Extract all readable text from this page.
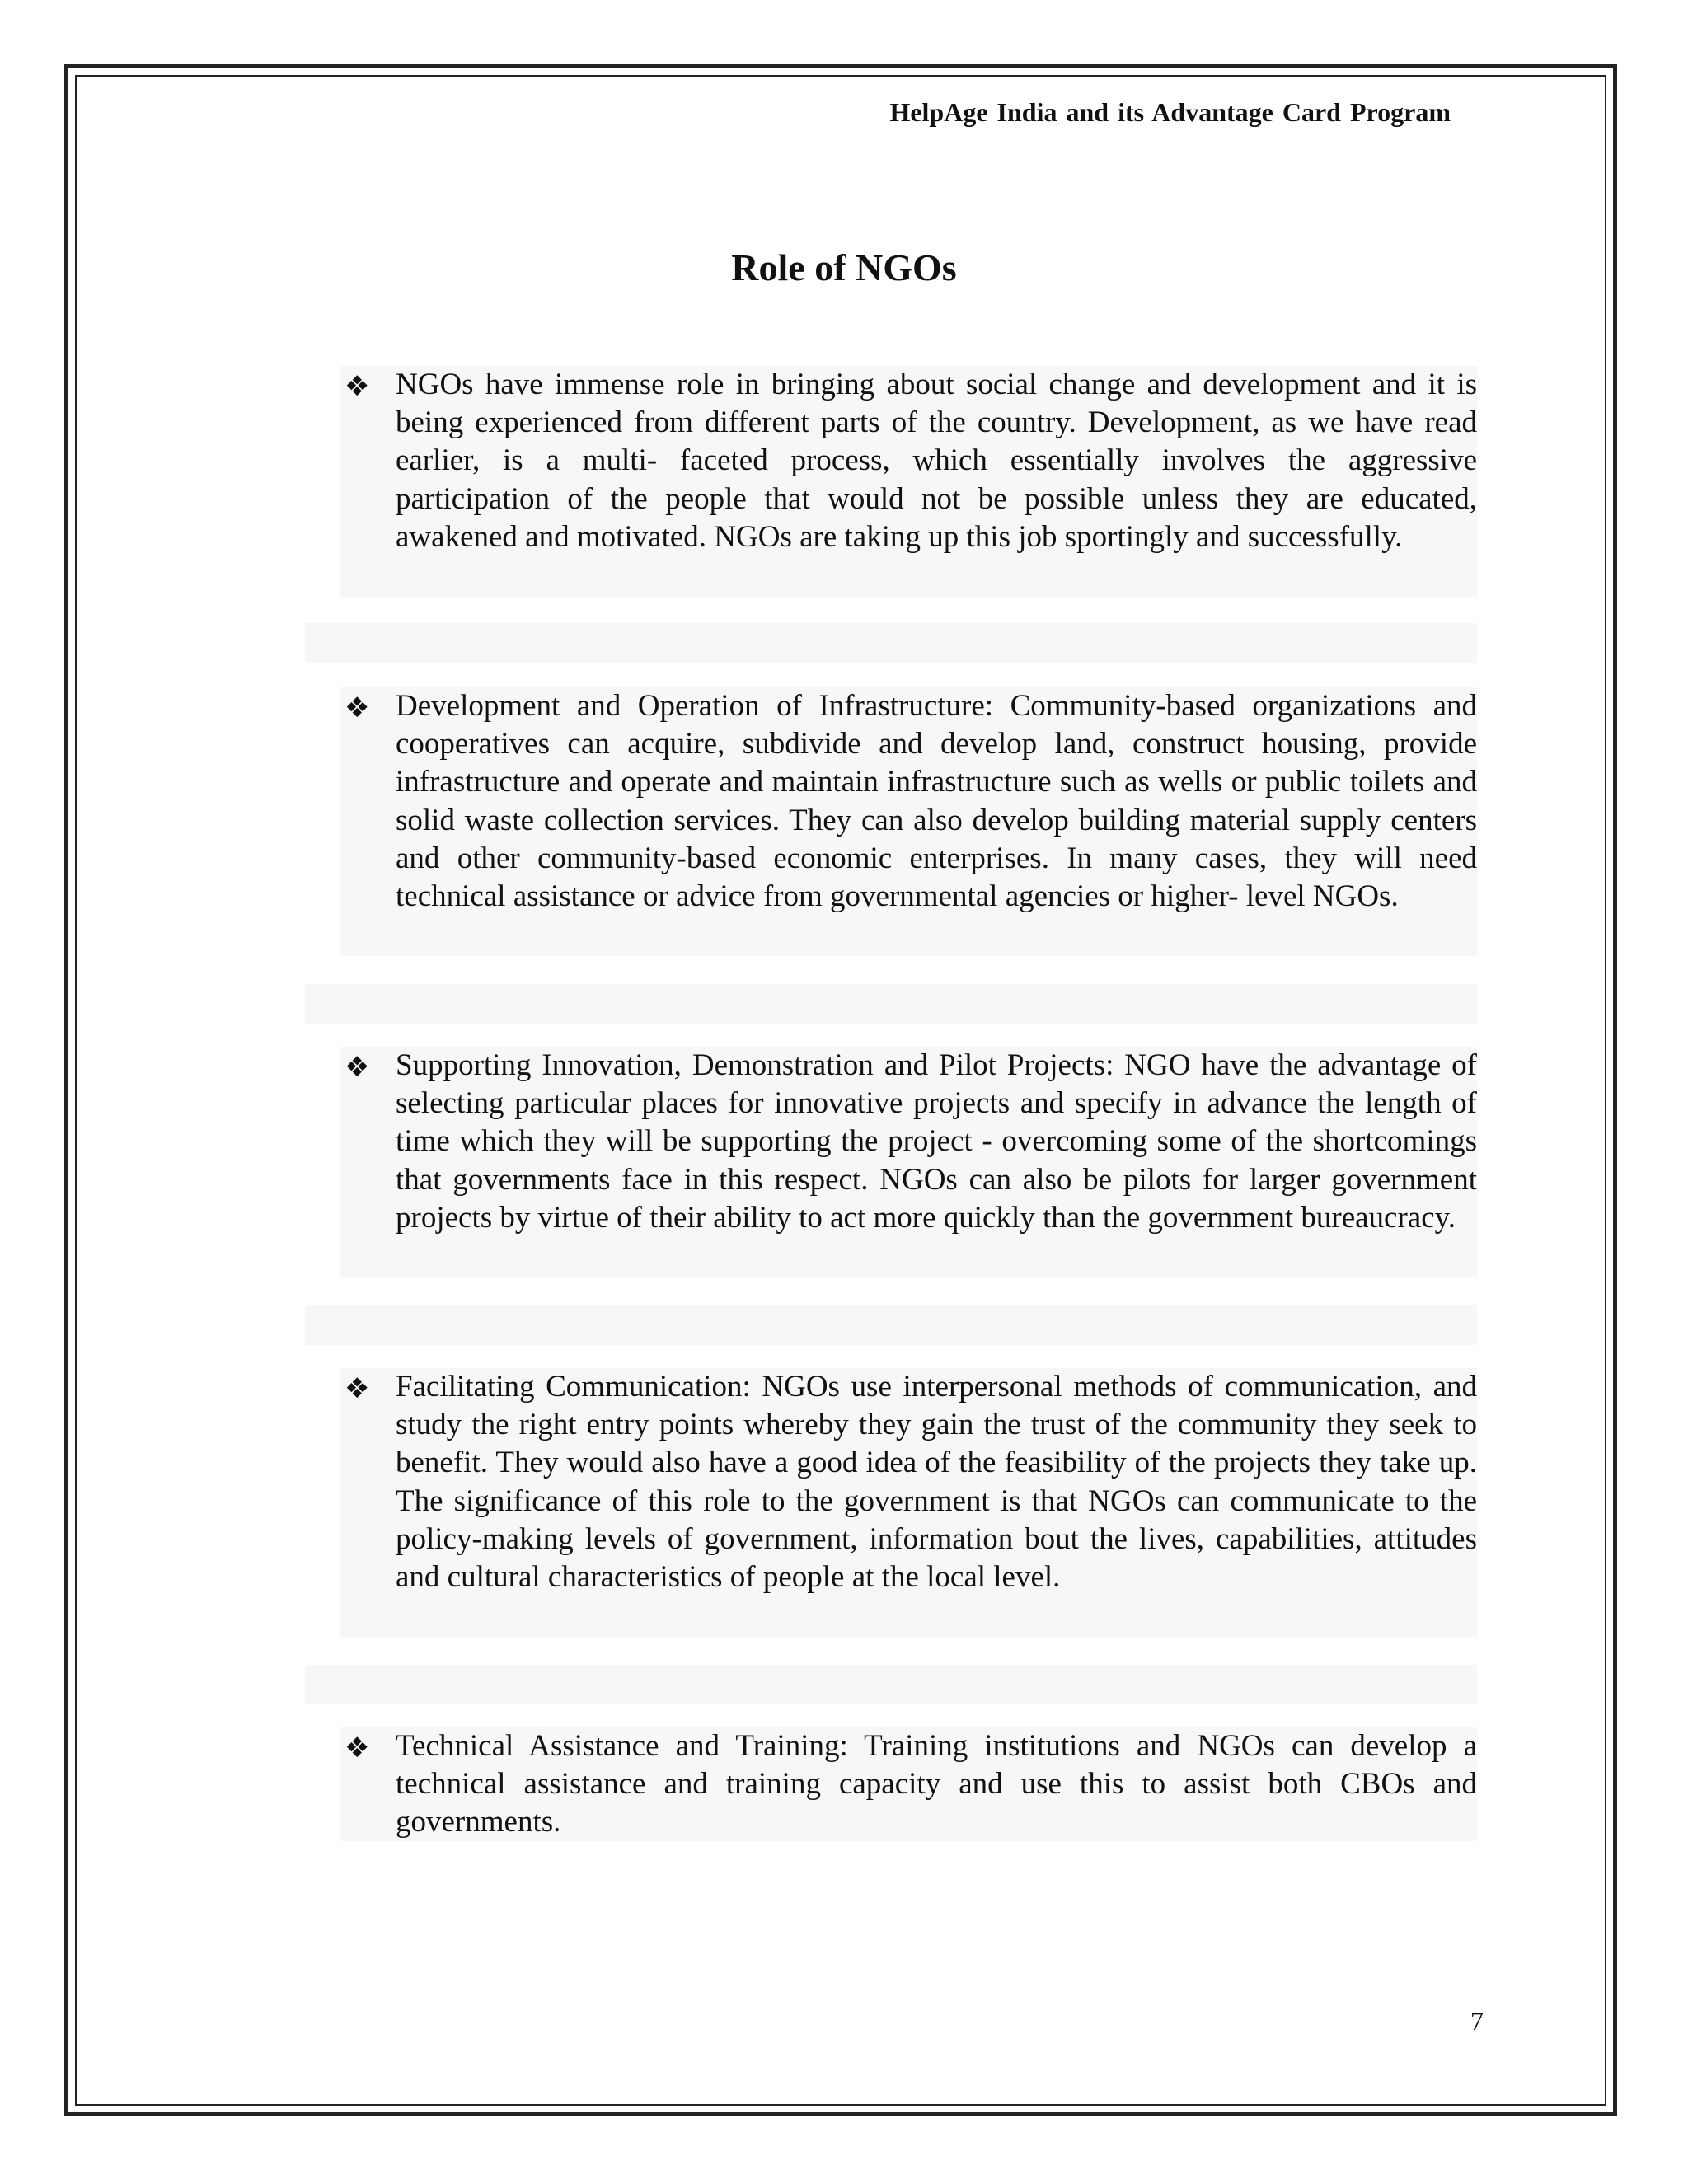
HelpAge India and its Advantage Card Program
Role of NGOs
❖ NGOs have immense role in bringing about social change and development and it is being experienced from different parts of the country. Development, as we have read earlier, is a multi- faceted process, which essentially involves the aggressive participation of the people that would not be possible unless they are educated, awakened and motivated. NGOs are taking up this job sportingly and successfully.

❖ Development and Operation of Infrastructure: Community-based organizations and cooperatives can acquire, subdivide and develop land, construct housing, provide infrastructure and operate and maintain infrastructure such as wells or public toilets and solid waste collection services. They can also develop building material supply centers and other community-based economic enterprises. In many cases, they will need technical assistance or advice from governmental agencies or higher- level NGOs.

❖ Supporting Innovation, Demonstration and Pilot Projects: NGO have the advantage of selecting particular places for innovative projects and specify in advance the length of time which they will be supporting the project - overcoming some of the shortcomings that governments face in this respect. NGOs can also be pilots for larger government projects by virtue of their ability to act more quickly than the government bureaucracy.

❖ Facilitating Communication: NGOs use interpersonal methods of communication, and study the right entry points whereby they gain the trust of the community they seek to benefit. They would also have a good idea of the feasibility of the projects they take up. The significance of this role to the government is that NGOs can communicate to the policy-making levels of government, information bout the lives, capabilities, attitudes and cultural characteristics of people at the local level.

❖ Technical Assistance and Training: Training institutions and NGOs can develop a technical assistance and training capacity and use this to assist both CBOs and governments.

7
